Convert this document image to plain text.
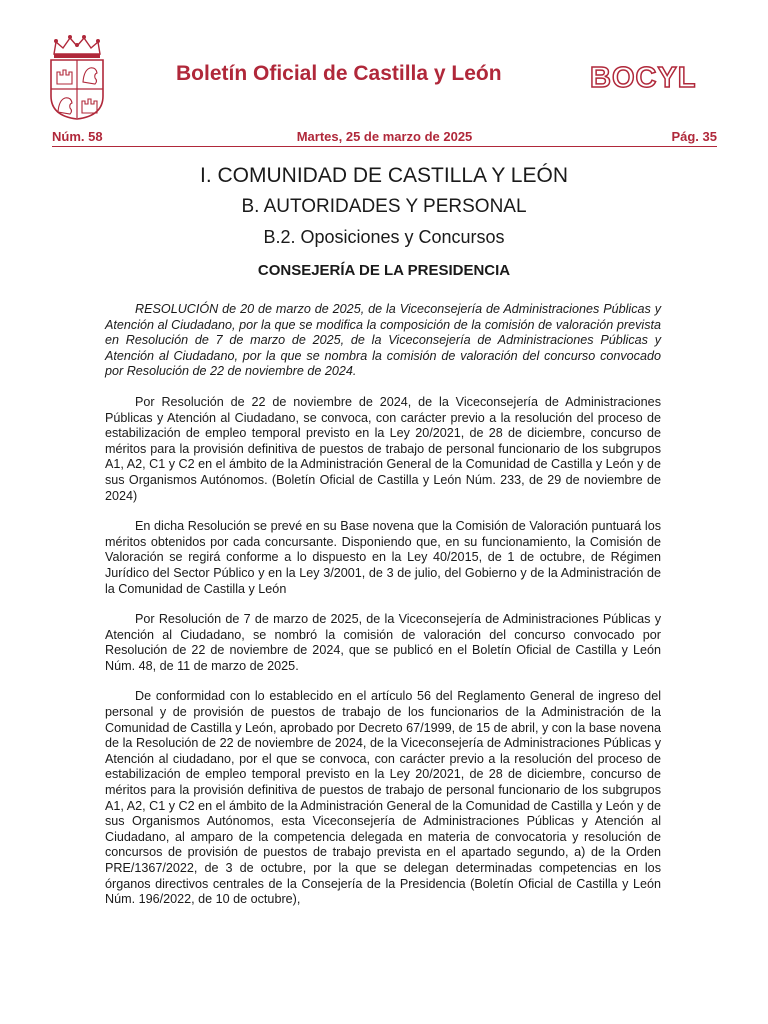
Boletín Oficial de Castilla y León	BOCYL
Núm. 58	Martes, 25 de marzo de 2025	Pág. 35
I. COMUNIDAD DE CASTILLA Y LEÓN
B. AUTORIDADES Y PERSONAL
B.2. Oposiciones y Concursos
CONSEJERÍA DE LA PRESIDENCIA

RESOLUCIÓN de 20 de marzo de 2025, de la Viceconsejería de Administraciones Públicas y Atención al Ciudadano, por la que se modifica la composición de la comisión de valoración prevista en Resolución de 7 de marzo de 2025, de la Viceconsejería de Administraciones Públicas y Atención al Ciudadano, por la que se nombra la comisión de valoración del concurso convocado por Resolución de 22 de noviembre de 2024.

Por Resolución de 22 de noviembre de 2024, de la Viceconsejería de Administraciones Públicas y Atención al Ciudadano, se convoca, con carácter previo a la resolución del proceso de estabilización de empleo temporal previsto en la Ley 20/2021, de 28 de diciembre, concurso de méritos para la provisión definitiva de puestos de trabajo de personal funcionario de los subgrupos A1, A2, C1 y C2 en el ámbito de la Administración General de la Comunidad de Castilla y León y de sus Organismos Autónomos. (Boletín Oficial de Castilla y León Núm. 233, de 29 de noviembre de 2024)

En dicha Resolución se prevé en su Base novena que la Comisión de Valoración puntuará los méritos obtenidos por cada concursante. Disponiendo que, en su funcionamiento, la Comisión de Valoración se regirá conforme a lo dispuesto en la Ley 40/2015, de 1 de octubre, de Régimen Jurídico del Sector Público y en la Ley 3/2001, de 3 de julio, del Gobierno y de la Administración de la Comunidad de Castilla y León

Por Resolución de 7 de marzo de 2025, de la Viceconsejería de Administraciones Públicas y Atención al Ciudadano, se nombró la comisión de valoración del concurso convocado por Resolución de 22 de noviembre de 2024, que se publicó en el Boletín Oficial de Castilla y León Núm. 48, de 11 de marzo de 2025.

De conformidad con lo establecido en el artículo 56 del Reglamento General de ingreso del personal y de provisión de puestos de trabajo de los funcionarios de la Administración de la Comunidad de Castilla y León, aprobado por Decreto 67/1999, de 15 de abril, y con la base novena de la Resolución de 22 de noviembre de 2024, de la Viceconsejería de Administraciones Públicas y Atención al ciudadano, por el que se convoca, con carácter previo a la resolución del proceso de estabilización de empleo temporal previsto en la Ley 20/2021, de 28 de diciembre, concurso de méritos para la provisión definitiva de puestos de trabajo de personal funcionario de los subgrupos A1, A2, C1 y C2 en el ámbito de la Administración General de la Comunidad de Castilla y León y de sus Organismos Autónomos, esta Viceconsejería de Administraciones Públicas y Atención al Ciudadano, al amparo de la competencia delegada en materia de convocatoria y resolución de concursos de provisión de puestos de trabajo prevista en el apartado segundo, a) de la Orden PRE/1367/2022, de 3 de octubre, por la que se delegan determinadas competencias en los órganos directivos centrales de la Consejería de la Presidencia (Boletín Oficial de Castilla y León Núm. 196/2022, de 10 de octubre),
